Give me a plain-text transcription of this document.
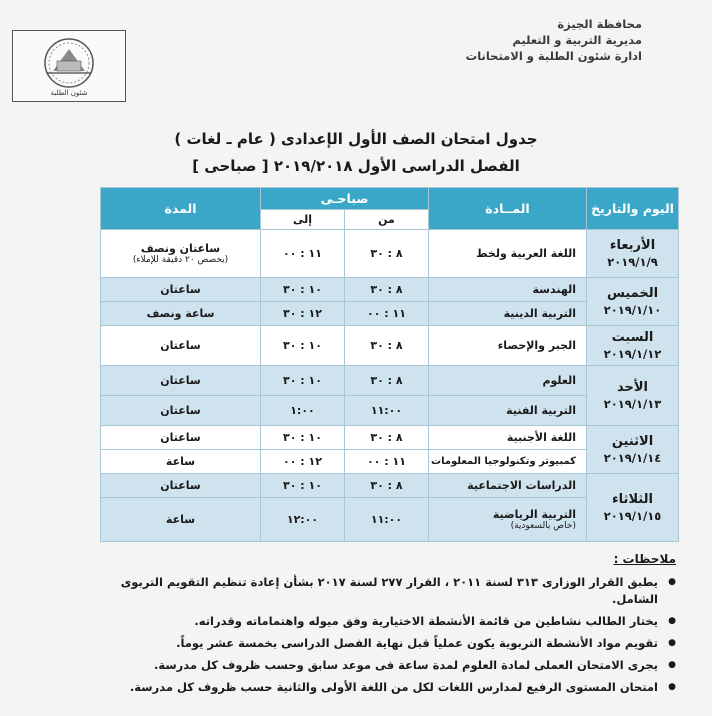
محافظة الجيزة
مديرية التربية و التعليم
ادارة شئون الطلبة و الامتحانات
شئون الطلبة
جدول امتحان الصف الأول الإعدادى ( عام ـ لغات )
الفصل الدراسى الأول ٢٠١٩/٢٠١٨ [ صباحى ]
اليوم والتاريخ	المــادة	صباحـى		المدة
		من	إلى	

الأربعاء
٢٠١٩/١/٩	اللغة العربية ولخط	٨ : ٣٠	١١ : ٠٠	ساعتان ونصف
(يخصص ٢٠ دقيقة للإملاء)

الخميس
٢٠١٩/١/١٠	الهندسة	٨ : ٣٠	١٠ : ٣٠	ساعتان
	التربية الدينية	١١ : ٠٠	١٢ : ٣٠	ساعة ونصف

السبت
٢٠١٩/١/١٢	الجبر والإحصاء	٨ : ٣٠	١٠ : ٣٠	ساعتان

الأحد
٢٠١٩/١/١٣	العلوم	٨ : ٣٠	١٠ : ٣٠	ساعتان
	التربية الفنية	١١:٠٠	١:٠٠	ساعتان

الاثنين
٢٠١٩/١/١٤	اللغة الأجنبية	٨ : ٣٠	١٠ : ٣٠	ساعتان
	كمبيوتر وتكنولوجيا المعلومات	١١ : ٠٠	١٢ : ٠٠	ساعة

الثلاثاء
٢٠١٩/١/١٥	الدراسات الاجتماعية	٨ : ٣٠	١٠ : ٣٠	ساعتان
	التربية الرياضية
(خاص بالسعودية)	١١:٠٠	١٢:٠٠	ساعة
ملاحظات :
● يطبق القرار الوزارى ٣١٣ لسنة ٢٠١١ ، القرار ٢٧٧ لسنة ٢٠١٧ بشأن إعادة تنظيم التقويم التربوى الشامل.
● يختار الطالب نشاطين من قائمة الأنشطة الاختيارية وفق ميوله واهتماماته وقدراته.
● تقويم مواد الأنشطة التربوية يكون عملياً قبل نهاية الفصل الدراسى بخمسة عشر يوماً.
● يجرى الامتحان العملى لمادة العلوم لمدة ساعة فى موعد سابق وحسب ظروف كل مدرسة.
● امتحان المستوى الرفيع لمدارس اللغات لكل من اللغة الأولى والثانية حسب ظروف كل مدرسة.
